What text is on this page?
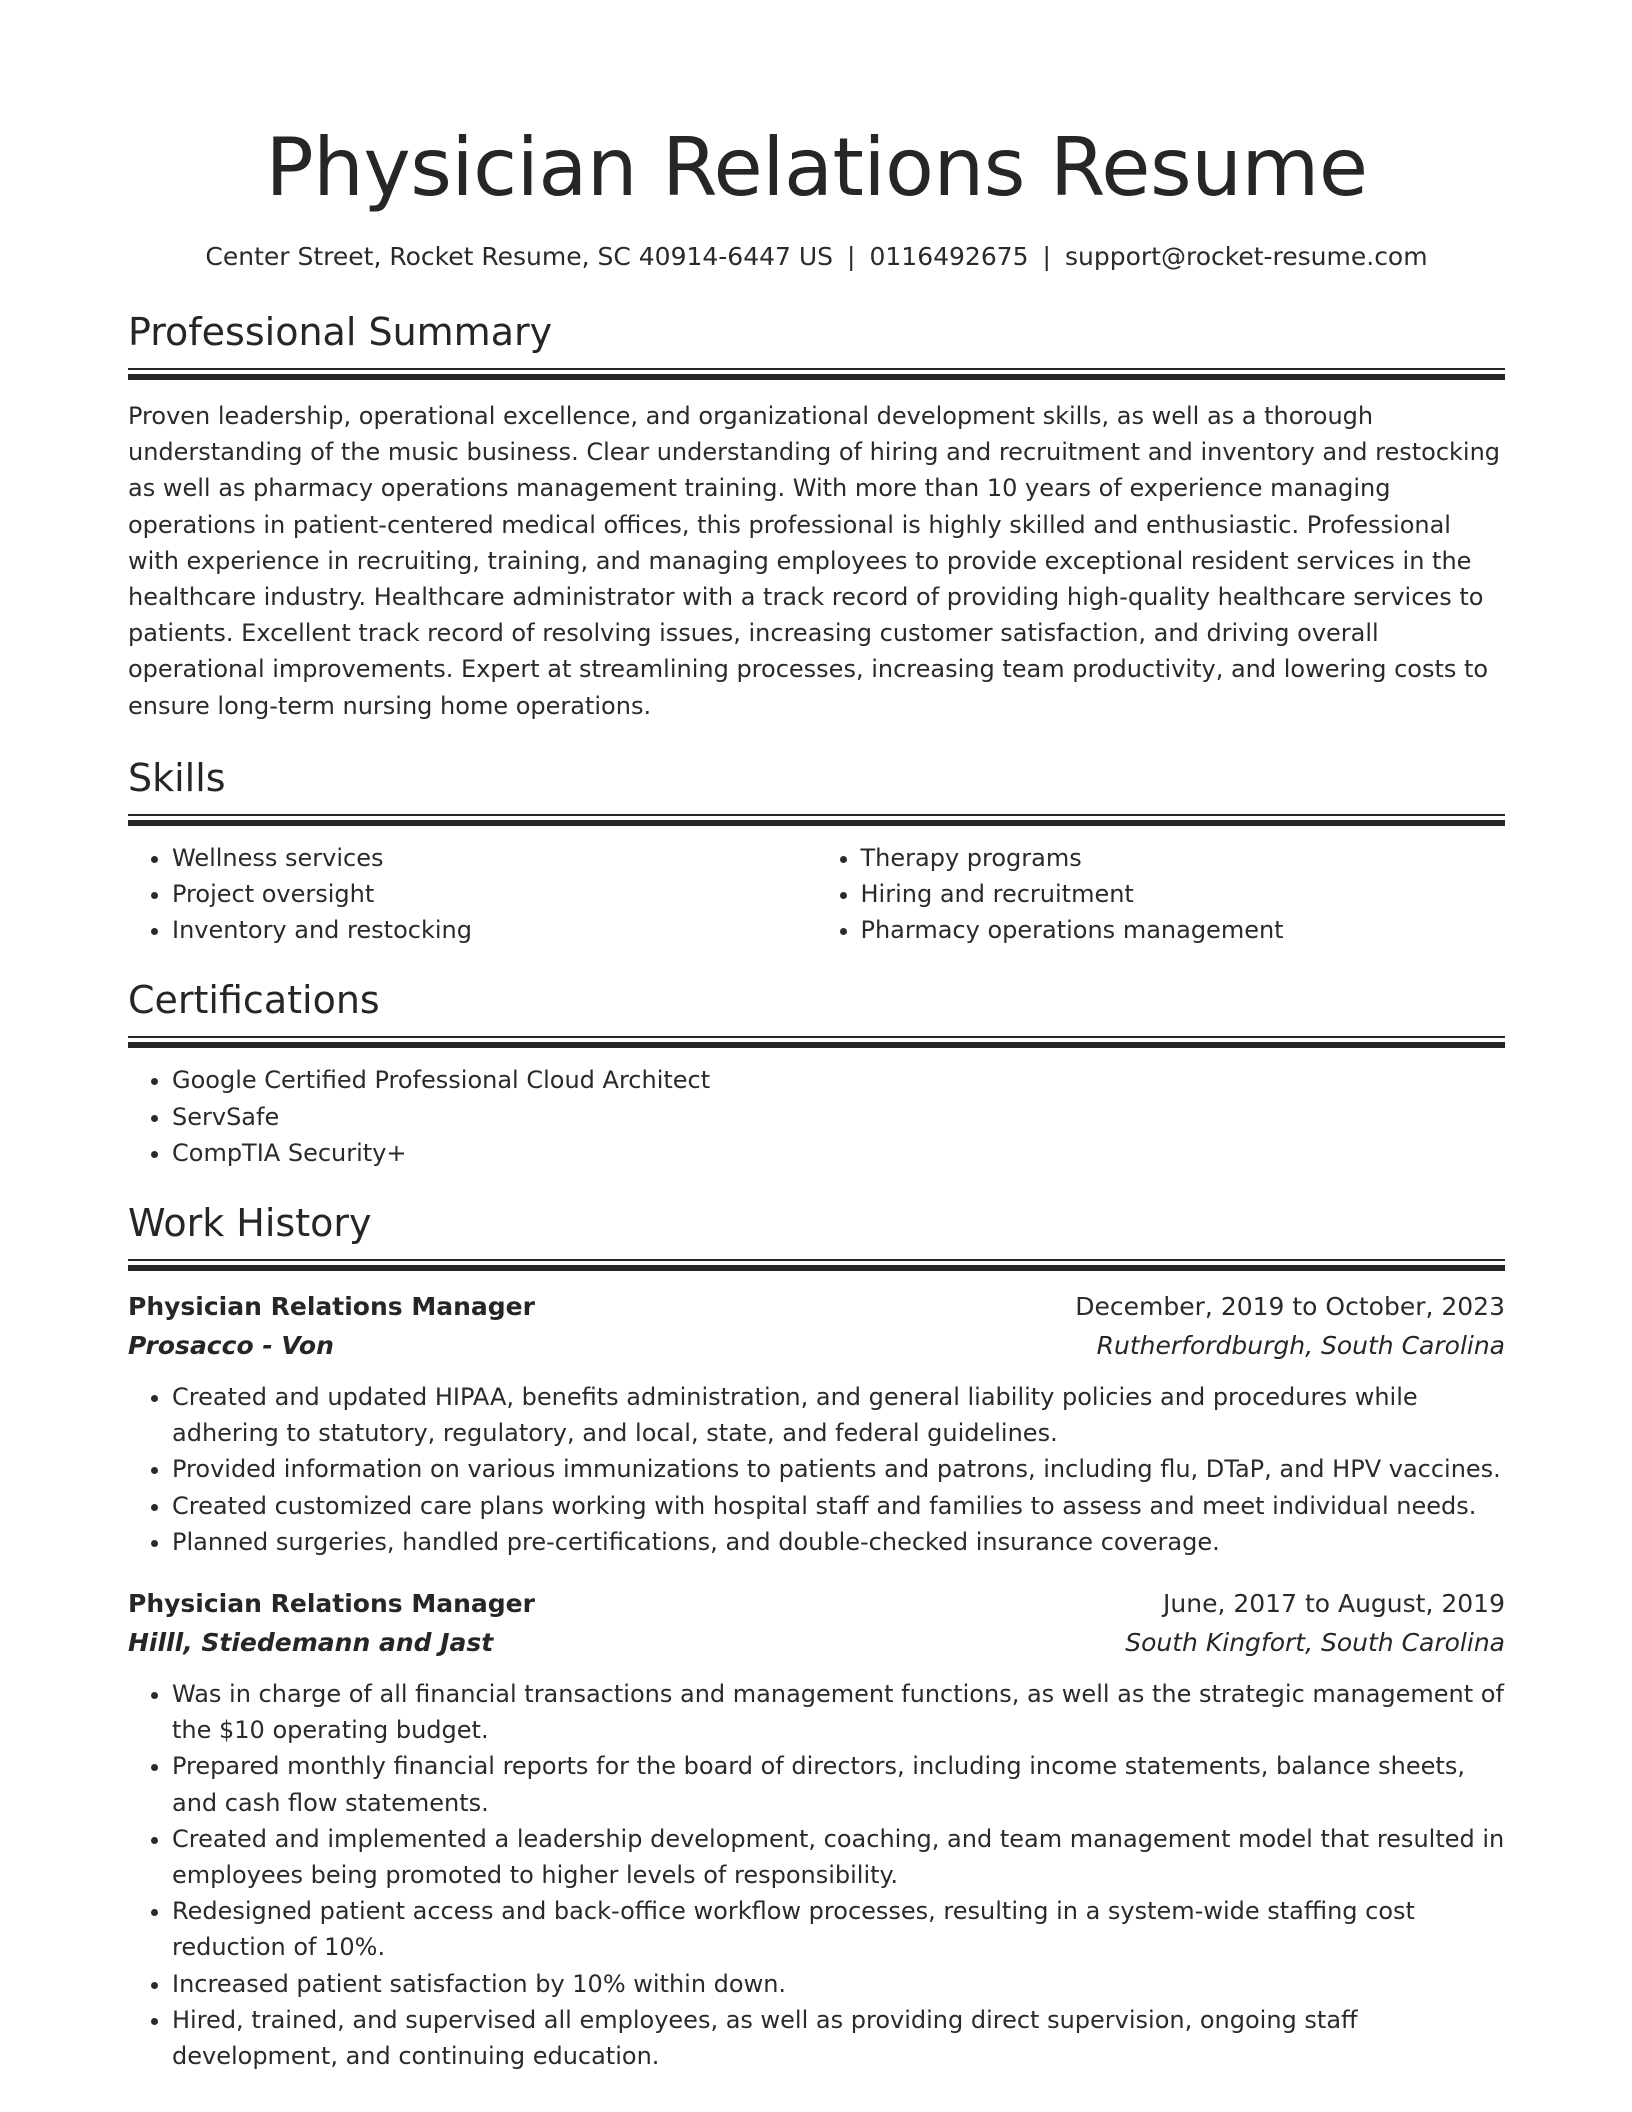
Physician Relations Resume
Center Street, Rocket Resume, SC 40914-6447 US | 0116492675 | support@rocket-resume.com
Professional Summary

Proven leadership, operational excellence, and organizational development skills, as well as a thorough understanding of the music business. Clear understanding of hiring and recruitment and inventory and restocking as well as pharmacy operations management training. With more than 10 years of experience managing operations in patient-centered medical offices, this professional is highly skilled and enthusiastic. Professional with experience in recruiting, training, and managing employees to provide exceptional resident services in the healthcare industry. Healthcare administrator with a track record of providing high-quality healthcare services to patients. Excellent track record of resolving issues, increasing customer satisfaction, and driving overall operational improvements. Expert at streamlining processes, increasing team productivity, and lowering costs to ensure long-term nursing home operations.

Skills
• Wellness services
• Project oversight
• Inventory and restocking
• Therapy programs
• Hiring and recruitment
• Pharmacy operations management
Certifications
• Google Certified Professional Cloud Architect
• ServSafe
• CompTIA Security+
Work History
Physician Relations Manager	December, 2019 to October, 2023
Prosacco - Von	Rutherfordburgh, South Carolina
• Created and updated HIPAA, benefits administration, and general liability policies and procedures while adhering to statutory, regulatory, and local, state, and federal guidelines.
• Provided information on various immunizations to patients and patrons, including flu, DTaP, and HPV vaccines.
• Created customized care plans working with hospital staff and families to assess and meet individual needs.
• Planned surgeries, handled pre-certifications, and double-checked insurance coverage.
Physician Relations Manager	June, 2017 to August, 2019
Hilll, Stiedemann and Jast	South Kingfort, South Carolina
• Was in charge of all financial transactions and management functions, as well as the strategic management of the $10 operating budget.
• Prepared monthly financial reports for the board of directors, including income statements, balance sheets, and cash flow statements.
• Created and implemented a leadership development, coaching, and team management model that resulted in employees being promoted to higher levels of responsibility.
• Redesigned patient access and back-office workflow processes, resulting in a system-wide staffing cost reduction of 10%.
• Increased patient satisfaction by 10% within down.
• Hired, trained, and supervised all employees, as well as providing direct supervision, ongoing staff development, and continuing education.
